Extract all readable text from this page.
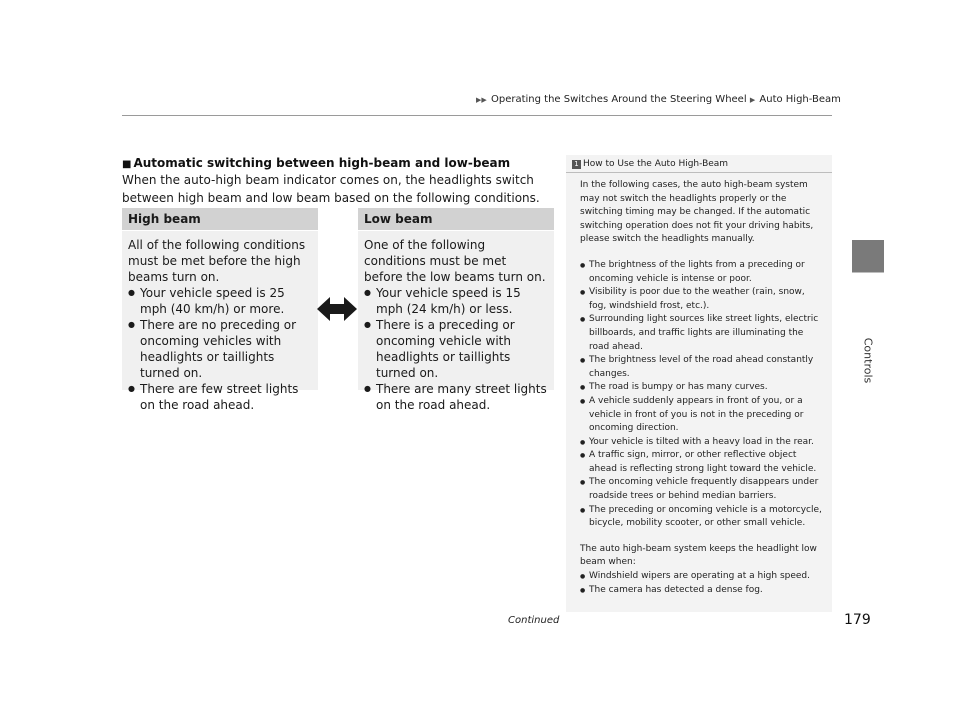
▶▶ Operating the Switches Around the Steering Wheel ▶ Auto High-Beam
Controls
■ Automatic switching between high-beam and low-beam
When the auto-high beam indicator comes on, the headlights switch between high beam and low beam based on the following conditions.
High beam

All of the following conditions must be met before the high beams turn on.

● Your vehicle speed is 25 mph (40 km/h) or more.
● There are no preceding or oncoming vehicles with headlights or taillights turned on.
● There are few street lights on the road ahead.
Low beam

One of the following conditions must be met before the low beams turn on.

● Your vehicle speed is 15 mph (24 km/h) or less.
● There is a preceding or oncoming vehicle with headlights or taillights turned on.
● There are many street lights on the road ahead.
1 How to Use the Auto High-Beam

In the following cases, the auto high-beam system may not switch the headlights properly or the switching timing may be changed. If the automatic switching operation does not fit your driving habits, please switch the headlights manually.

● The brightness of the lights from a preceding or oncoming vehicle is intense or poor.
● Visibility is poor due to the weather (rain, snow, fog, windshield frost, etc.).
● Surrounding light sources like street lights, electric billboards, and traffic lights are illuminating the road ahead.
● The brightness level of the road ahead constantly changes.
● The road is bumpy or has many curves.
● A vehicle suddenly appears in front of you, or a vehicle in front of you is not in the preceding or oncoming direction.
● Your vehicle is tilted with a heavy load in the rear.
● A traffic sign, mirror, or other reflective object ahead is reflecting strong light toward the vehicle.
● The oncoming vehicle frequently disappears under roadside trees or behind median barriers.
● The preceding or oncoming vehicle is a motorcycle, bicycle, mobility scooter, or other small vehicle.

The auto high-beam system keeps the headlight low beam when:

● Windshield wipers are operating at a high speed.
● The camera has detected a dense fog.
Continued	179
